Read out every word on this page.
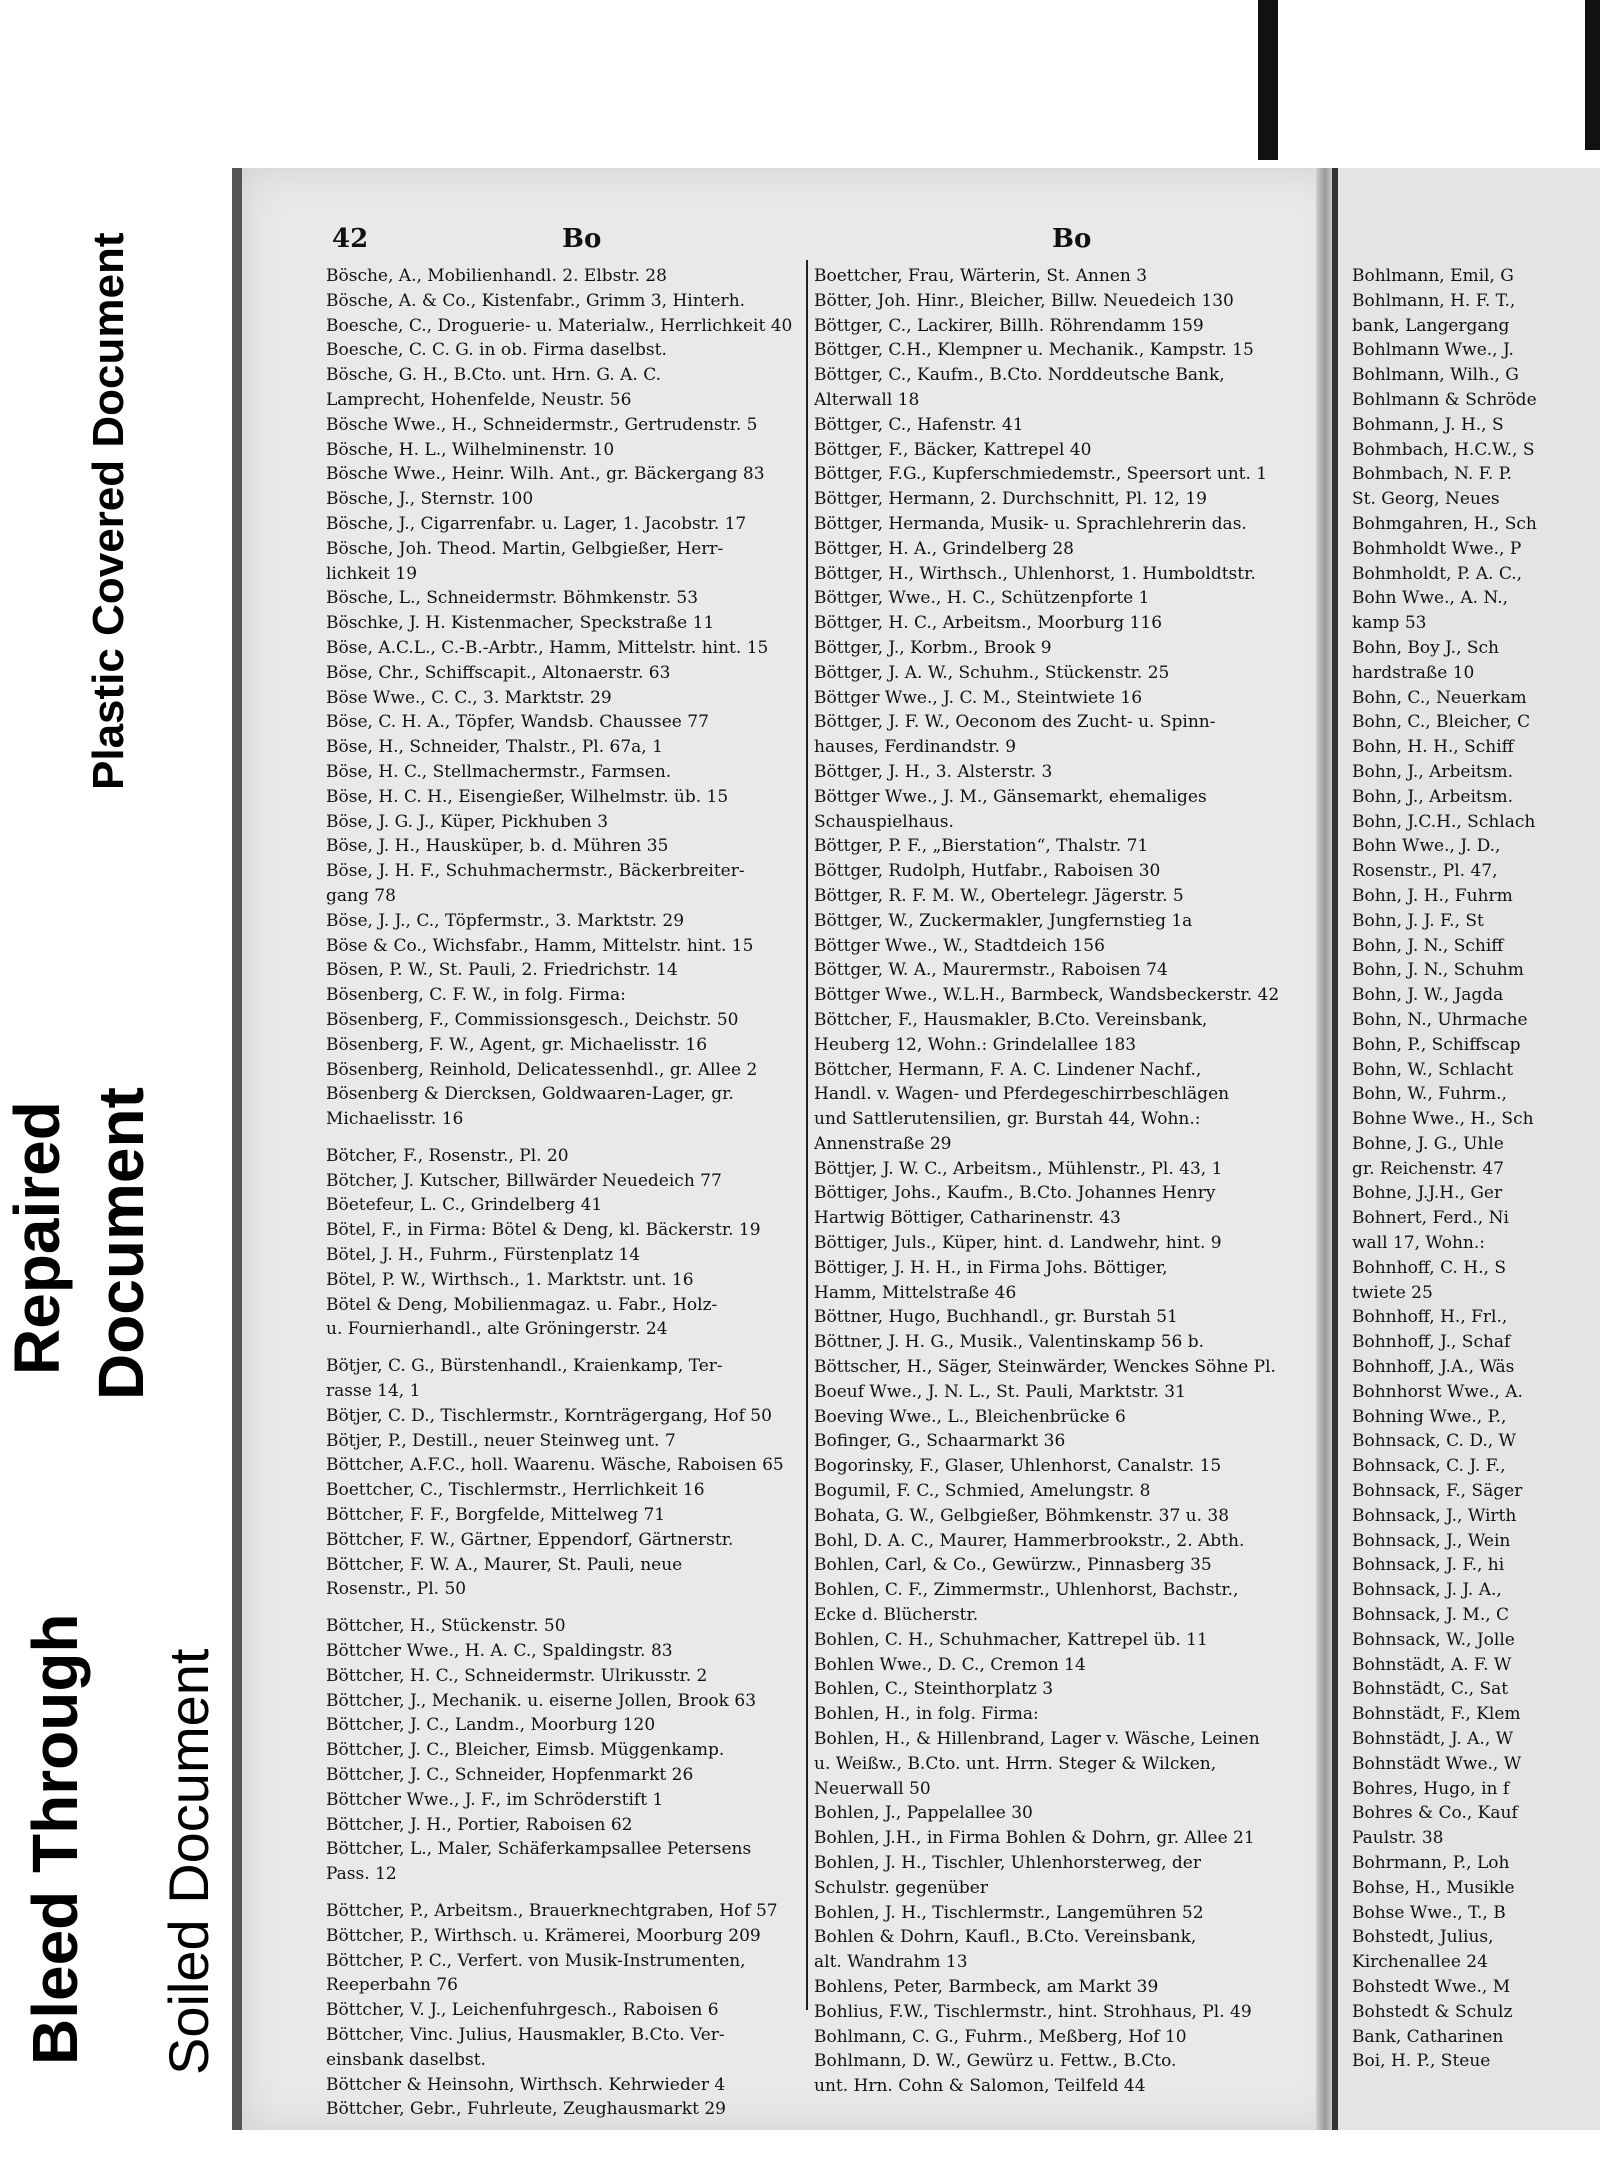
Plastic Covered Document
Repaired Document
Bleed Through Soiled Document
42	Bo	Bo
Bösche, A., Mobilienhandl. 2. Elbstr. 28
Bösche, A. & Co., Kistenfabr., Grimm 3, Hinterh.
Boesche, C., Droguerie- u. Materialw., Herrlichkeit 40
Boesche, C. C. G. in ob. Firma daselbst.
Bösche, G. H., B.Cto. unt. Hrn. G. A. C.
Lamprecht, Hohenfelde, Neustr. 56
Bösche Wwe., H., Schneidermstr., Gertrudenstr. 5
Bösche, H. L., Wilhelminenstr. 10
Bösche Wwe., Heinr. Wilh. Ant., gr. Bäckergang 83
Bösche, J., Sternstr. 100
Bösche, J., Cigarrenfabr. u. Lager, 1. Jacobstr. 17
Bösche, Joh. Theod. Martin, Gelbgießer, Herr-
lichkeit 19
Bösche, L., Schneidermstr. Böhmkenstr. 53
Böschke, J. H. Kistenmacher, Speckstraße 11
Böse, A.C.L., C.-B.-Arbtr., Hamm, Mittelstr. hint. 15
Böse, Chr., Schiffscapit., Altonaerstr. 63
Böse Wwe., C. C., 3. Marktstr. 29
Böse, C. H. A., Töpfer, Wandsb. Chaussee 77
Böse, H., Schneider, Thalstr., Pl. 67a, 1
Böse, H. C., Stellmachermstr., Farmsen.
Böse, H. C. H., Eisengießer, Wilhelmstr. üb. 15
Böse, J. G. J., Küper, Pickhuben 3
Böse, J. H., Hausküper, b. d. Mühren 35
Böse, J. H. F., Schuhmachermstr., Bäckerbreiter-
gang 78
Böse, J. J., C., Töpfermstr., 3. Marktstr. 29
Böse & Co., Wichsfabr., Hamm, Mittelstr. hint. 15
Bösen, P. W., St. Pauli, 2. Friedrichstr. 14
Bösenberg, C. F. W., in folg. Firma:
Bösenberg, F., Commissionsgesch., Deichstr. 50
Bösenberg, F. W., Agent, gr. Michaelisstr. 16
Bösenberg, Reinhold, Delicatessenhdl., gr. Allee 2
Bösenberg & Diercksen, Goldwaaren-Lager, gr.
Michaelisstr. 16
Bötcher, F., Rosenstr., Pl. 20
Bötcher, J. Kutscher, Billwärder Neuedeich 77
Böetefeur, L. C., Grindelberg 41
Bötel, F., in Firma: Bötel & Deng, kl. Bäckerstr. 19
Bötel, J. H., Fuhrm., Fürstenplatz 14
Bötel, P. W., Wirthsch., 1. Marktstr. unt. 16
Bötel & Deng, Mobilienmagaz. u. Fabr., Holz-
u. Fournierhandl., alte Gröningerstr. 24
Bötjer, C. G., Bürstenhandl., Kraienkamp, Ter-
rasse 14, 1
Bötjer, C. D., Tischlermstr., Kornträgergang, Hof 50
Bötjer, P., Destill., neuer Steinweg unt. 7
Böttcher, A.F.C., holl. Waarenu. Wäsche, Raboisen 65
Boettcher, C., Tischlermstr., Herrlichkeit 16
Böttcher, F. F., Borgfelde, Mittelweg 71
Böttcher, F. W., Gärtner, Eppendorf, Gärtnerstr.
Böttcher, F. W. A., Maurer, St. Pauli, neue
Rosenstr., Pl. 50
Böttcher, H., Stückenstr. 50
Böttcher Wwe., H. A. C., Spaldingstr. 83
Böttcher, H. C., Schneidermstr. Ulrikusstr. 2
Böttcher, J., Mechanik. u. eiserne Jollen, Brook 63
Böttcher, J. C., Landm., Moorburg 120
Böttcher, J. C., Bleicher, Eimsb. Müggenkamp.
Böttcher, J. C., Schneider, Hopfenmarkt 26
Böttcher Wwe., J. F., im Schröderstift 1
Böttcher, J. H., Portier, Raboisen 62
Böttcher, L., Maler, Schäferkampsallee Petersens
Pass. 12
Böttcher, P., Arbeitsm., Brauerknechtgraben, Hof 57
Böttcher, P., Wirthsch. u. Krämerei, Moorburg 209
Böttcher, P. C., Verfert. von Musik-Instrumenten,
Reeperbahn 76
Böttcher, V. J., Leichenfuhrgesch., Raboisen 6
Böttcher, Vinc. Julius, Hausmakler, B.Cto. Ver-
einsbank daselbst.
Böttcher & Heinsohn, Wirthsch. Kehrwieder 4
Böttcher, Gebr., Fuhrleute, Zeughausmarkt 29
Boettcher, Frau, Wärterin, St. Annen 3
Bötter, Joh. Hinr., Bleicher, Billw. Neuedeich 130
Böttger, C., Lackirer, Billh. Röhrendamm 159
Böttger, C.H., Klempner u. Mechanik., Kampstr. 15
Böttger, C., Kaufm., B.Cto. Norddeutsche Bank,
Alterwall 18
Böttger, C., Hafenstr. 41
Böttger, F., Bäcker, Kattrepel 40
Böttger, F.G., Kupferschmiedemstr., Speersort unt. 1
Böttger, Hermann, 2. Durchschnitt, Pl. 12, 19
Böttger, Hermanda, Musik- u. Sprachlehrerin das.
Böttger, H. A., Grindelberg 28
Böttger, H., Wirthsch., Uhlenhorst, 1. Humboldtstr.
Böttger, Wwe., H. C., Schützenpforte 1
Böttger, H. C., Arbeitsm., Moorburg 116
Böttger, J., Korbm., Brook 9
Böttger, J. A. W., Schuhm., Stückenstr. 25
Böttger Wwe., J. C. M., Steintwiete 16
Böttger, J. F. W., Oeconom des Zucht- u. Spinn-
hauses, Ferdinandstr. 9
Böttger, J. H., 3. Alsterstr. 3
Böttger Wwe., J. M., Gänsemarkt, ehemaliges
Schauspielhaus.
Böttger, P. F., „Bierstation“, Thalstr. 71
Böttger, Rudolph, Hutfabr., Raboisen 30
Böttger, R. F. M. W., Obertelegr. Jägerstr. 5
Böttger, W., Zuckermakler, Jungfernstieg 1a
Böttger Wwe., W., Stadtdeich 156
Böttger, W. A., Maurermstr., Raboisen 74
Böttger Wwe., W.L.H., Barmbeck, Wandsbeckerstr. 42
Böttcher, F., Hausmakler, B.Cto. Vereinsbank,
Heuberg 12, Wohn.: Grindelallee 183
Böttcher, Hermann, F. A. C. Lindener Nachf.,
Handl. v. Wagen- und Pferdegeschirrbeschlägen
und Sattlerutensilien, gr. Burstah 44, Wohn.:
Annenstraße 29
Böttjer, J. W. C., Arbeitsm., Mühlenstr., Pl. 43, 1
Böttiger, Johs., Kaufm., B.Cto. Johannes Henry
Hartwig Böttiger, Catharinenstr. 43
Böttiger, Juls., Küper, hint. d. Landwehr, hint. 9
Böttiger, J. H. H., in Firma Johs. Böttiger,
Hamm, Mittelstraße 46
Böttner, Hugo, Buchhandl., gr. Burstah 51
Böttner, J. H. G., Musik., Valentinskamp 56 b.
Böttscher, H., Säger, Steinwärder, Wenckes Söhne Pl.
Boeuf Wwe., J. N. L., St. Pauli, Marktstr. 31
Boeving Wwe., L., Bleichenbrücke 6
Bofinger, G., Schaarmarkt 36
Bogorinsky, F., Glaser, Uhlenhorst, Canalstr. 15
Bogumil, F. C., Schmied, Amelungstr. 8
Bohata, G. W., Gelbgießer, Böhmkenstr. 37 u. 38
Bohl, D. A. C., Maurer, Hammerbrookstr., 2. Abth.
Bohlen, Carl, & Co., Gewürzw., Pinnasberg 35
Bohlen, C. F., Zimmermstr., Uhlenhorst, Bachstr.,
Ecke d. Blücherstr.
Bohlen, C. H., Schuhmacher, Kattrepel üb. 11
Bohlen Wwe., D. C., Cremon 14
Bohlen, C., Steinthorplatz 3
Bohlen, H., in folg. Firma:
Bohlen, H., & Hillenbrand, Lager v. Wäsche, Leinen
u. Weißw., B.Cto. unt. Hrrn. Steger & Wilcken,
Neuerwall 50
Bohlen, J., Pappelallee 30
Bohlen, J.H., in Firma Bohlen & Dohrn, gr. Allee 21
Bohlen, J. H., Tischler, Uhlenhorsterweg, der
Schulstr. gegenüber
Bohlen, J. H., Tischlermstr., Langemühren 52
Bohlen & Dohrn, Kaufl., B.Cto. Vereinsbank,
alt. Wandrahm 13
Bohlens, Peter, Barmbeck, am Markt 39
Bohlius, F.W., Tischlermstr., hint. Strohhaus, Pl. 49
Bohlmann, C. G., Fuhrm., Meßberg, Hof 10
Bohlmann, D. W., Gewürz u. Fettw., B.Cto.
unt. Hrn. Cohn & Salomon, Teilfeld 44
Bohlmann, Emil, G
Bohlmann, H. F. T.,
bank, Langergang
Bohlmann Wwe., J.
Bohlmann, Wilh., G
Bohlmann & Schröde
Bohmann, J. H., S
Bohmbach, H.C.W., S
Bohmbach, N. F. P.
St. Georg, Neues
Bohmgahren, H., Sch
Bohmholdt Wwe., P
Bohmholdt, P. A. C.,
Bohn Wwe., A. N.,
kamp 53
Bohn, Boy J., Sch
hardstraße 10
Bohn, C., Neuerkam
Bohn, C., Bleicher, C
Bohn, H. H., Schiff
Bohn, J., Arbeitsm.
Bohn, J., Arbeitsm.
Bohn, J.C.H., Schlach
Bohn Wwe., J. D.,
Rosenstr., Pl. 47,
Bohn, J. H., Fuhrm
Bohn, J. J. F., St
Bohn, J. N., Schiff
Bohn, J. N., Schuhm
Bohn, J. W., Jagda
Bohn, N., Uhrmache
Bohn, P., Schiffscap
Bohn, W., Schlacht
Bohn, W., Fuhrm.,
Bohne Wwe., H., Sch
Bohne, J. G., Uhle
gr. Reichenstr. 47
Bohne, J.J.H., Ger
Bohnert, Ferd., Ni
wall 17, Wohn.:
Bohnhoff, C. H., S
twiete 25
Bohnhoff, H., Frl.,
Bohnhoff, J., Schaf
Bohnhoff, J.A., Wäs
Bohnhorst Wwe., A.
Bohning Wwe., P.,
Bohnsack, C. D., W
Bohnsack, C. J. F.,
Bohnsack, F., Säger
Bohnsack, J., Wirth
Bohnsack, J., Wein
Bohnsack, J. F., hi
Bohnsack, J. J. A.,
Bohnsack, J. M., C
Bohnsack, W., Jolle
Bohnstädt, A. F. W
Bohnstädt, C., Sat
Bohnstädt, F., Klem
Bohnstädt, J. A., W
Bohnstädt Wwe., W
Bohres, Hugo, in f
Bohres & Co., Kauf
Paulstr. 38
Bohrmann, P., Loh
Bohse, H., Musikle
Bohse Wwe., T., B
Bohstedt, Julius,
Kirchenallee 24
Bohstedt Wwe., M
Bohstedt & Schulz
Bank, Catharinen
Boi, H. P., Steue
